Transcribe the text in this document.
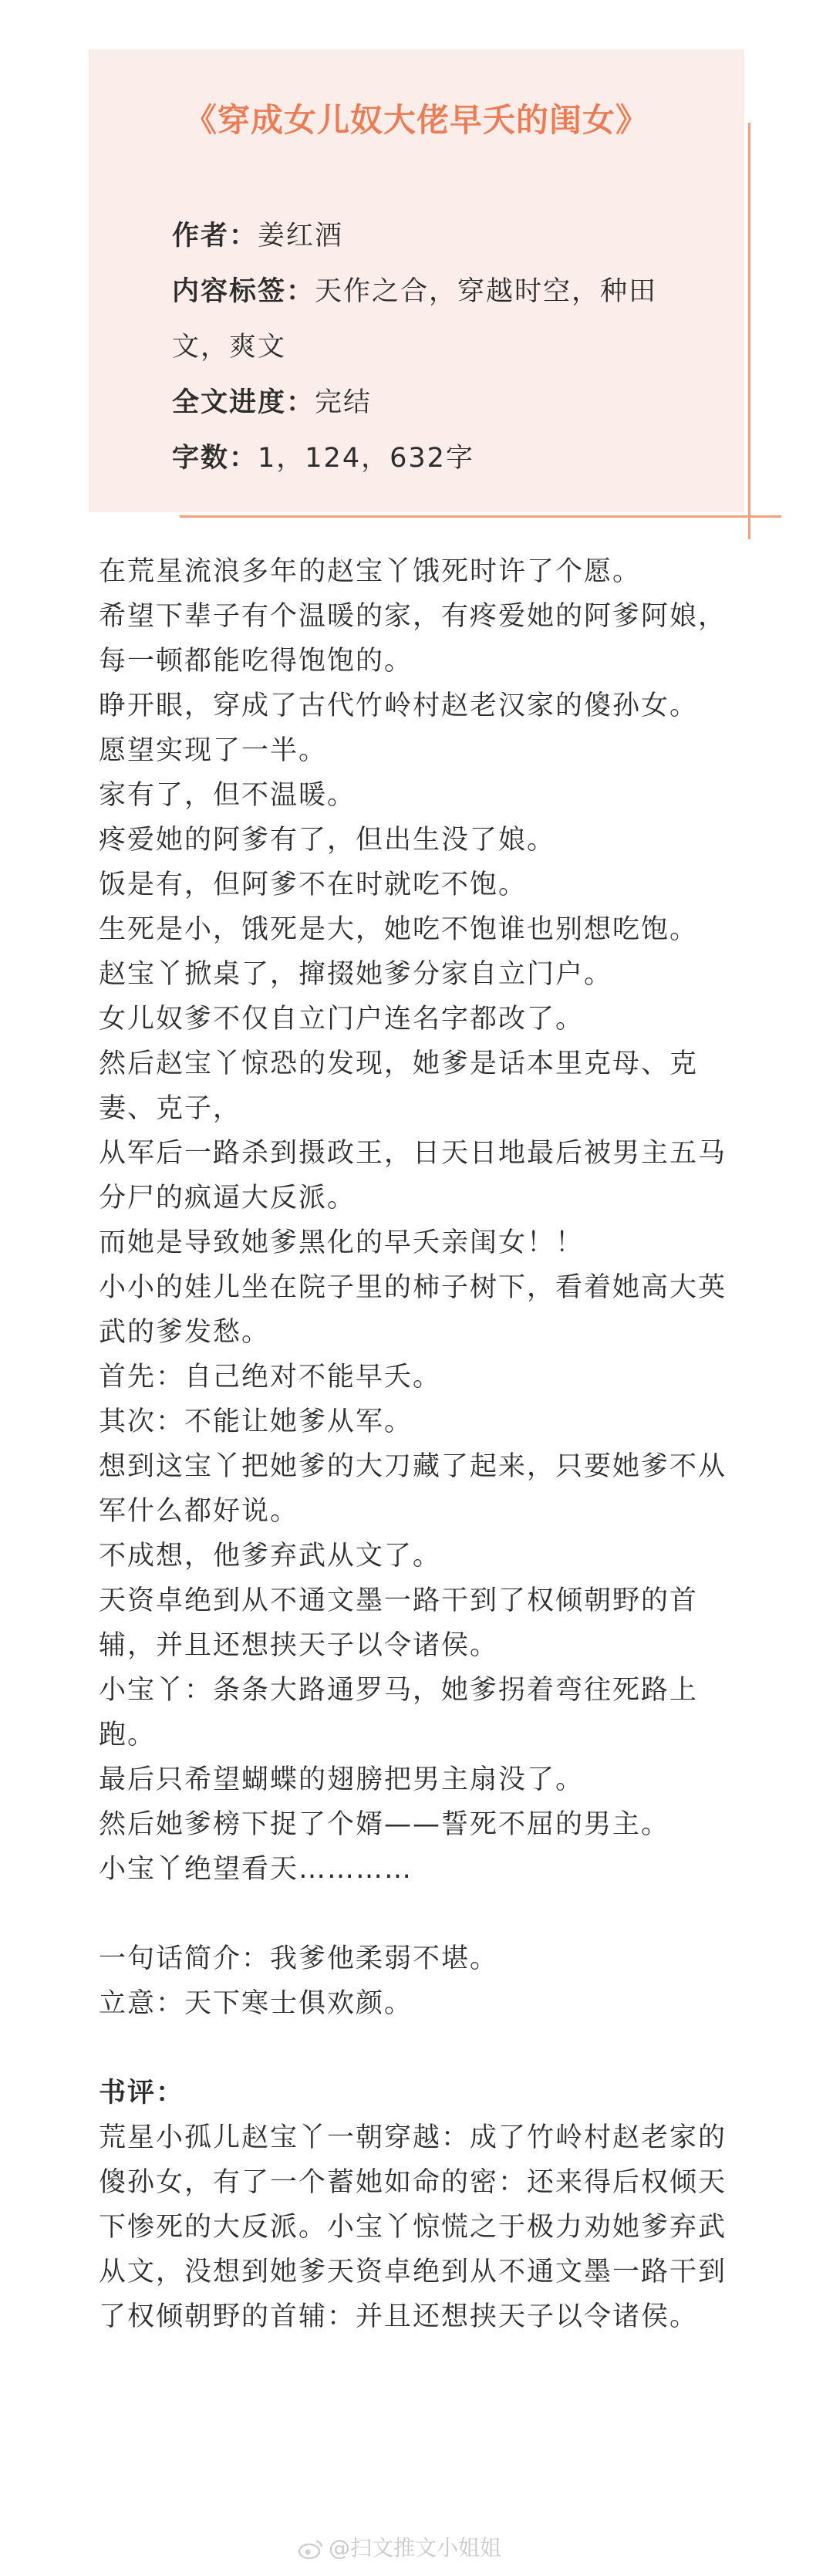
《穿成女儿奴大佬早夭的闺女》
作者：姜红酒
内容标签：天作之合，穿越时空，种田文，爽文
全文进度：完结
字数：1，124，632字

在荒星流浪多年的赵宝丫饿死时许了个愿。

希望下辈子有个温暖的家，有疼爱她的阿爹阿娘，每一顿都能吃得饱饱的。

睁开眼，穿成了古代竹岭村赵老汉家的傻孙女。

愿望实现了一半。

家有了，但不温暖。

疼爱她的阿爹有了，但出生没了娘。

饭是有，但阿爹不在时就吃不饱。

生死是小，饿死是大，她吃不饱谁也别想吃饱。

赵宝丫掀桌了，撺掇她爹分家自立门户。

女儿奴爹不仅自立门户连名字都改了。

然后赵宝丫惊恐的发现，她爹是话本里克母、克妻、克子，

从军后一路杀到摄政王，日天日地最后被男主五马分尸的疯逼大反派。

而她是导致她爹黑化的早夭亲闺女！！

小小的娃儿坐在院子里的柿子树下，看着她高大英武的爹发愁。

首先：自己绝对不能早夭。

其次：不能让她爹从军。

想到这宝丫把她爹的大刀藏了起来，只要她爹不从军什么都好说。

不成想，他爹弃武从文了。

天资卓绝到从不通文墨一路干到了权倾朝野的首辅，并且还想挟天子以令诸侯。

小宝丫：条条大路通罗马，她爹拐着弯往死路上跑。

最后只希望蝴蝶的翅膀把男主扇没了。

然后她爹榜下捉了个婿——誓死不屈的男主。

小宝丫绝望看天…………

一句话简介：我爹他柔弱不堪。

立意：天下寒士俱欢颜。

书评：

荒星小孤儿赵宝丫一朝穿越：成了竹岭村赵老家的傻孙女，有了一个蓄她如命的密：还来得后权倾天下惨死的大反派。小宝丫惊慌之于极力劝她爹弃武从文，没想到她爹天资卓绝到从不通文墨一路干到了权倾朝野的首辅：并且还想挟天子以令诸侯。

@扫文推文小姐姐
